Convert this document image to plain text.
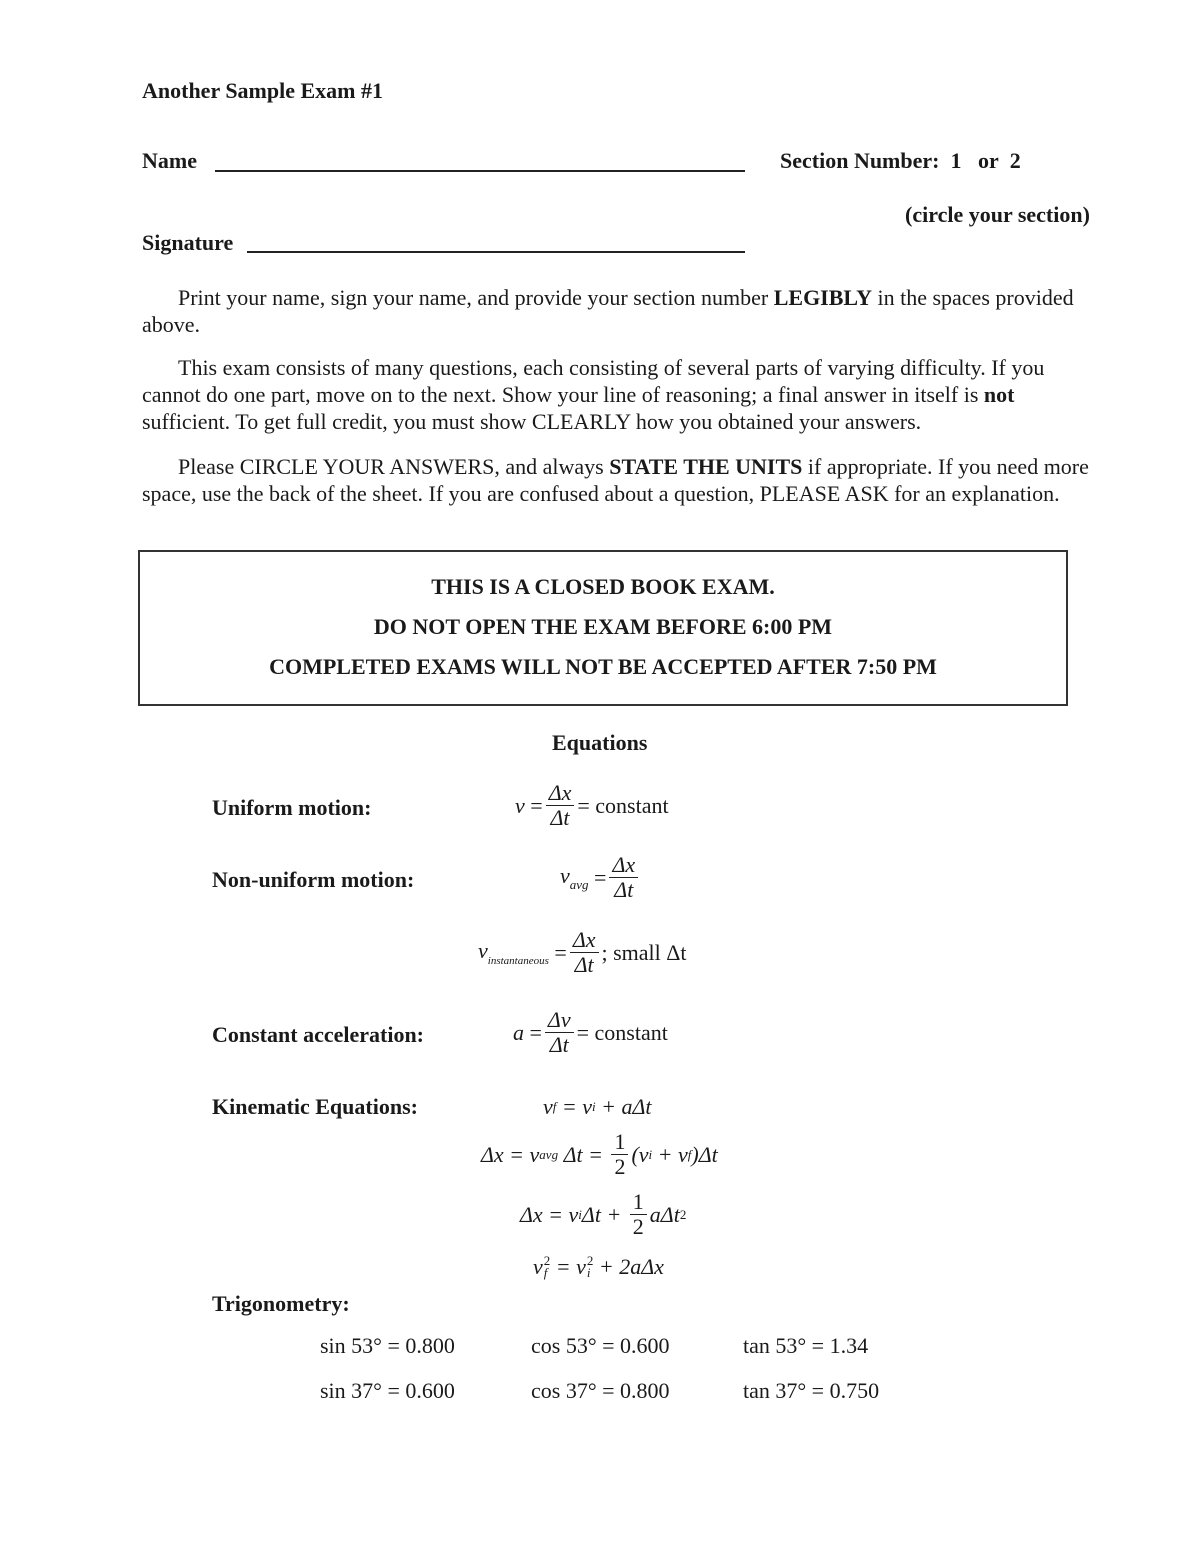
Another Sample Exam #1
Name	Section Number: 1 or 2
(circle your section)
Signature
Print your name, sign your name, and provide your section number LEGIBLY in the spaces provided above.
This exam consists of many questions, each consisting of several parts of varying difficulty. If you cannot do one part, move on to the next. Show your line of reasoning; a final answer in itself is not sufficient. To get full credit, you must show CLEARLY how you obtained your answers.
Please CIRCLE YOUR ANSWERS, and always STATE THE UNITS if appropriate. If you need more space, use the back of the sheet. If you are confused about a question, PLEASE ASK for an explanation.
THIS IS A CLOSED BOOK EXAM.
DO NOT OPEN THE EXAM BEFORE 6:00 PM
COMPLETED EXAMS WILL NOT BE ACCEPTED AFTER 7:50 PM
Equations
Uniform motion:	v
= $\frac{\Delta x}{\Delta t}$ = constant
Non-uniform motion:	$v_{avg}$
= $\frac{\Delta x}{\Delta t}$
$v_{instantaneous}$
= $\frac{\Delta x}{\Delta t}$ ; small Δt
Constant acceleration:	a
= $\frac{\Delta v}{\Delta t}$ = constant
Kinematic Equations:	v f = v i + aΔt
Δx = v avg
$\Delta t = \frac{1}{2} (v$ i + v f )Δt
Δx = v i $\Delta t + \frac{1}{2}$ aΔt 2
v 2
f = v 2
i + 2aΔx
Trigonometry:
sin 53° = 0.800	cos 53° = 0.600	tan 53° = 1.34
sin 37° = 0.600	cos 37° = 0.800	tan 37° = 0.750
